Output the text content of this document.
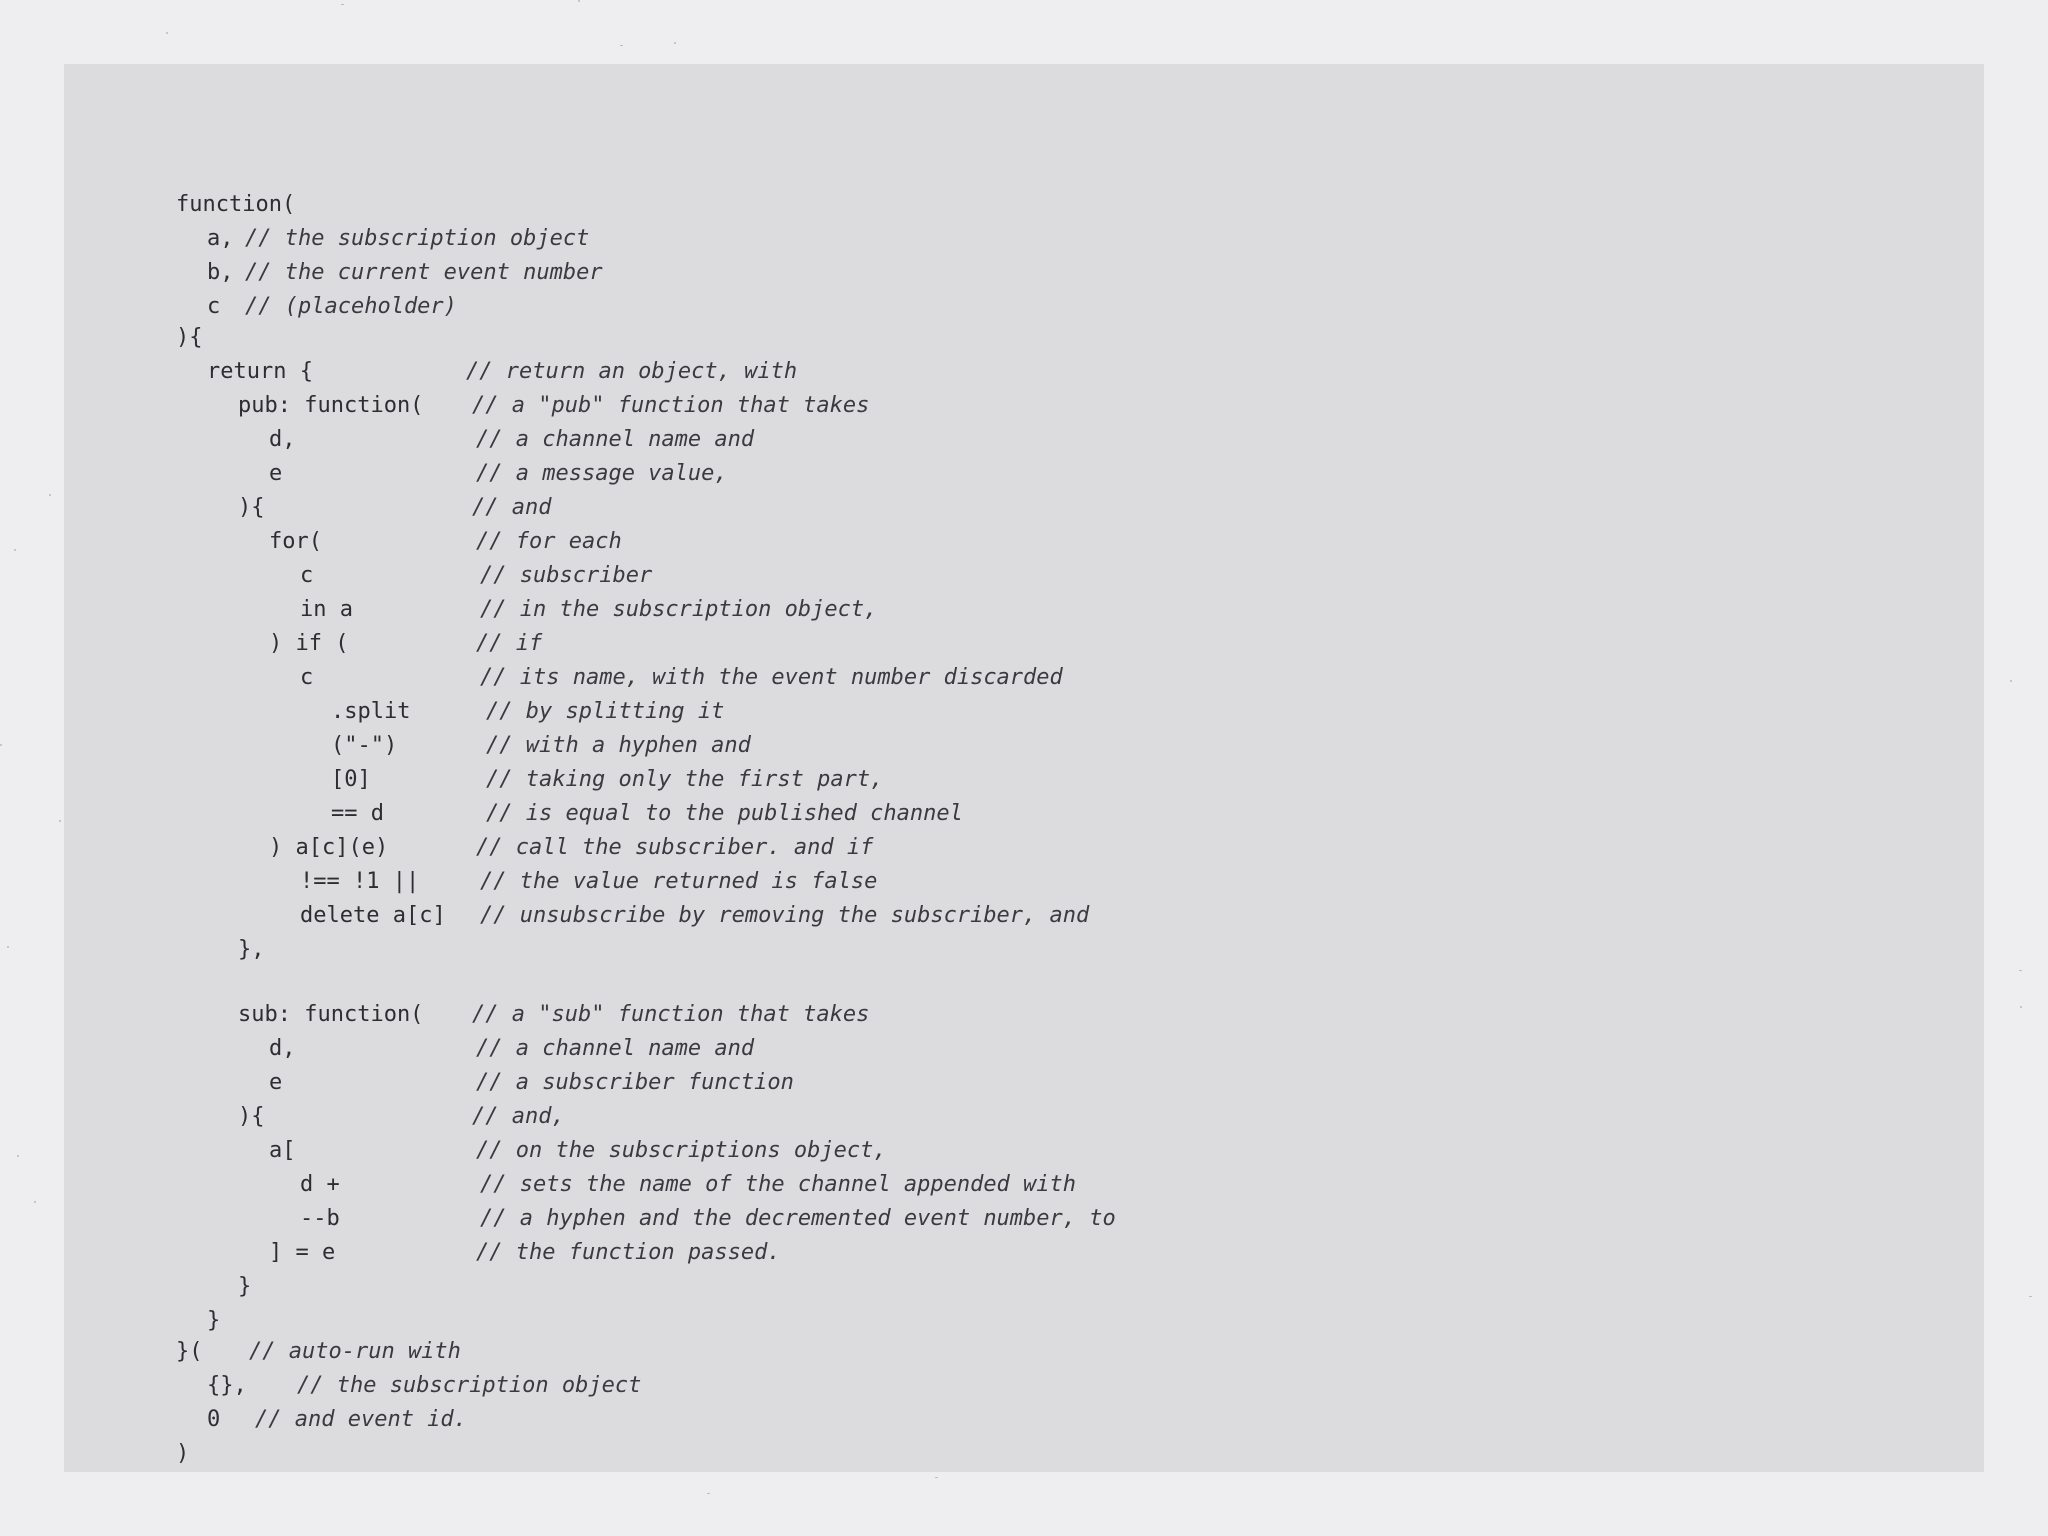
function(
a, // the subscription object
b, // the current event number
c // (placeholder)
){
return {	// return an object, with
pub: function( // a "pub" function that takes
d,	// a channel name and
e	// a message value,
){	// and
for(	// for each
c	// subscriber
in a	// in the subscription object,
) if (	// if
c	// its name, with the event number discarded
.split	// by splitting it
("-")	// with a hyphen and
[0]	// taking only the first part,
== d	// is equal to the published channel
) a[c](e)	// call the subscriber. and if
!== !1 ||	// the value returned is false
delete a[c] // unsubscribe by removing the subscriber, and
},
sub: function( // a "sub" function that takes
d,	// a channel name and
e	// a subscriber function
){	// and,
a[	// on the subscriptions object,
d +	// sets the name of the channel appended with
--b	// a hyphen and the decremented event number, to
] = e	// the function passed.
}
}
}( // auto-run with
{}, // the subscription object
0 // and event id.
)
